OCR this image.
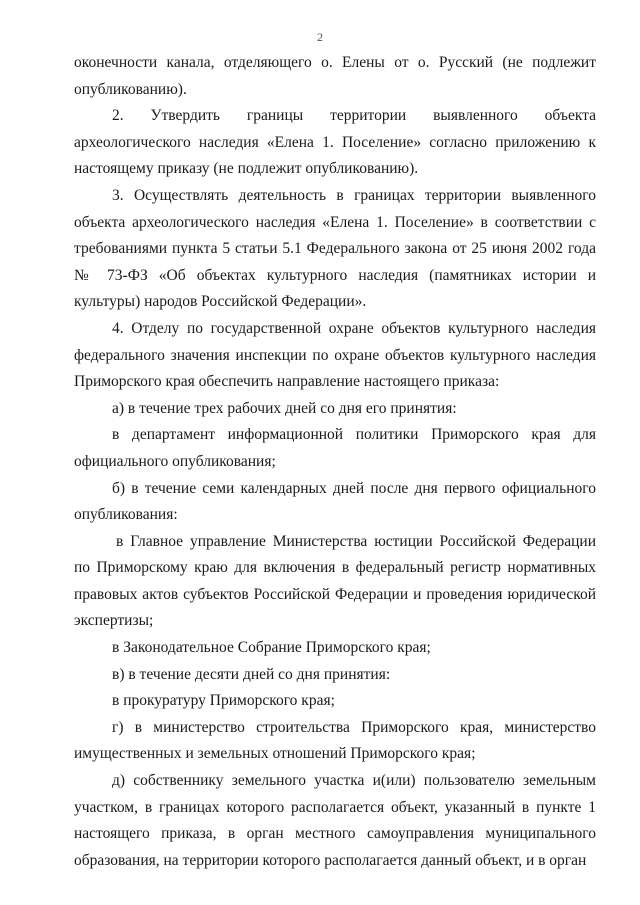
2

оконечности канала, отделяющего о. Елены от о. Русский (не подлежит опубликованию).

2. Утвердить границы территории выявленного объекта археологического наследия «Елена 1. Поселение» согласно приложению к настоящему приказу (не подлежит опубликованию).

3. Осуществлять деятельность в границах территории выявленного объекта археологического наследия «Елена 1. Поселение» в соответствии с требованиями пункта 5 статьи 5.1 Федерального закона от 25 июня 2002 года № 73-ФЗ «Об объектах культурного наследия (памятниках истории и культуры) народов Российской Федерации».

4. Отделу по государственной охране объектов культурного наследия федерального значения инспекции по охране объектов культурного наследия Приморского края обеспечить направление настоящего приказа:

а) в течение трех рабочих дней со дня его принятия:

в департамент информационной политики Приморского края для официального опубликования;

б) в течение семи календарных дней после дня первого официального опубликования:

в Главное управление Министерства юстиции Российской Федерации по Приморскому краю для включения в федеральный регистр нормативных правовых актов субъектов Российской Федерации и проведения юридической экспертизы;

в Законодательное Собрание Приморского края;

в) в течение десяти дней со дня принятия:

в прокуратуру Приморского края;

г) в министерство строительства Приморского края, министерство имущественных и земельных отношений Приморского края;

д) собственнику земельного участка и(или) пользователю земельным участком, в границах которого располагается объект, указанный в пункте 1 настоящего приказа, в орган местного самоуправления муниципального образования, на территории которого располагается данный объект, и в орган
